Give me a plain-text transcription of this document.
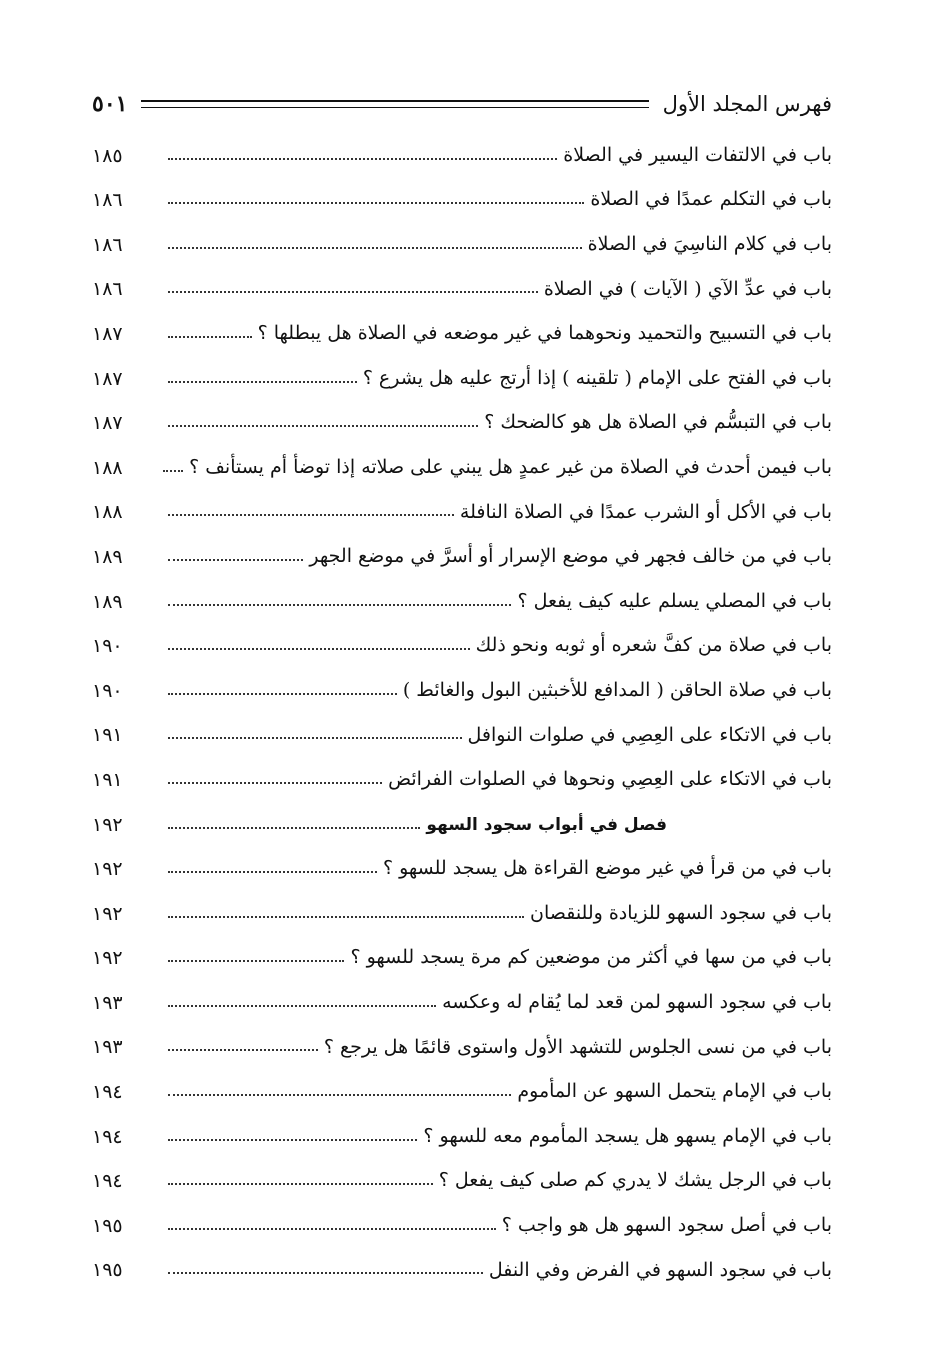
فهرس المجلد الأول
٥٠١
باب في الالتفات اليسير في الصلاة
١٨٥
باب في التكلم عمدًا في الصلاة
١٨٦
باب في كلام الناسِيَ في الصلاة
١٨٦
باب في عدِّ الآي ( الآيات ) في الصلاة
١٨٦
باب في التسبيح والتحميد ونحوهما في غير موضعه في الصلاة هل يبطلها ؟
١٨٧
باب في الفتح على الإمام ( تلقينه ) إذا أرتج عليه هل يشرع ؟
١٨٧
باب في التبسُّم في الصلاة هل هو كالضحك ؟
١٨٧
باب فيمن أحدث في الصلاة من غير عمدٍ هل يبني على صلاته إذا توضأ أم يستأنف ؟
١٨٨
باب في الأكل أو الشرب عمدًا في الصلاة النافلة
١٨٨
باب في من خالف فجهر في موضع الإسرار أو أسرَّ في موضع الجهر
١٨٩
باب في المصلي يسلم عليه كيف يفعل ؟
١٨٩
باب في صلاة من كفَّ شعره أو ثوبه ونحو ذلك
١٩٠
باب في صلاة الحاقن ( المدافع للأخبثين البول والغائط )
١٩٠
باب في الاتكاء على العِصِي في صلوات النوافل
١٩١
باب في الاتكاء على العِصِي ونحوها في الصلوات الفرائض
١٩١
فصل في أبواب سجود السهو
١٩٢
باب في من قرأ في غير موضع القراءة هل يسجد للسهو ؟
١٩٢
باب في سجود السهو للزيادة وللنقصان
١٩٢
باب في من سها في أكثر من موضعين كم مرة يسجد للسهو ؟
١٩٢
باب في سجود السهو لمن قعد لما يُقام له وعكسه
١٩٣
باب في من نسى الجلوس للتشهد الأول واستوى قائمًا هل يرجع ؟
١٩٣
باب في الإمام يتحمل السهو عن المأموم
١٩٤
باب في الإمام يسهو هل يسجد المأموم معه للسهو ؟
١٩٤
باب في الرجل يشك لا يدري كم صلى كيف يفعل ؟
١٩٤
باب في أصل سجود السهو هل هو واجب ؟
١٩٥
باب في سجود السهو في الفرض وفي النفل
١٩٥
